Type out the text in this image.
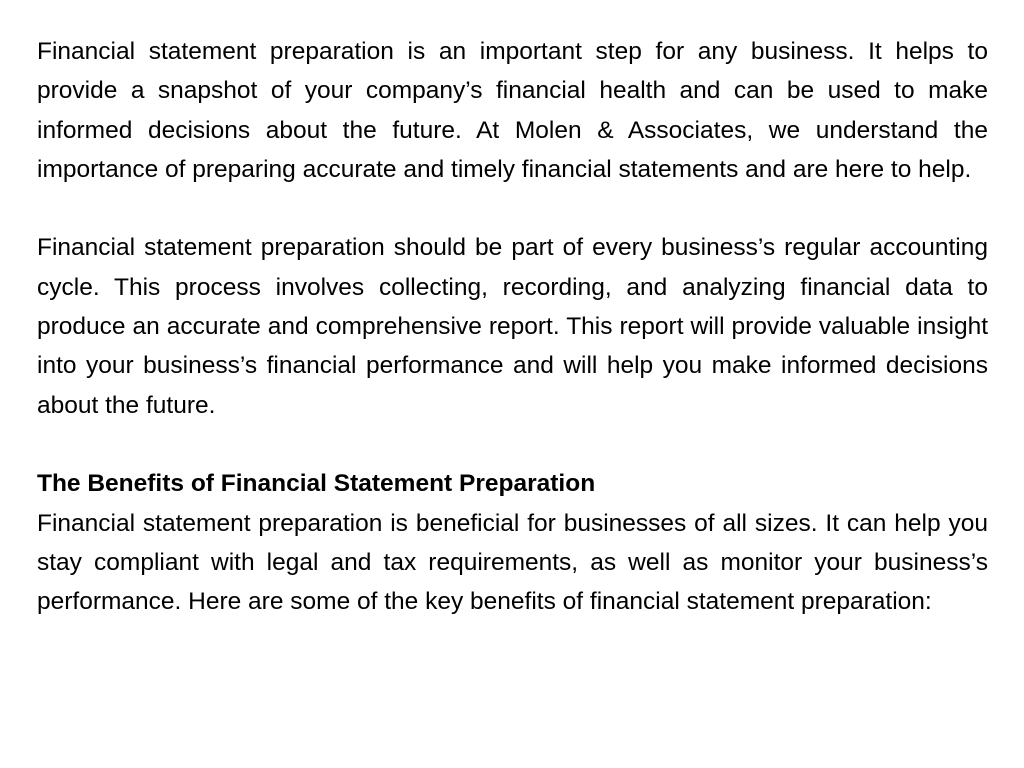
Financial statement preparation is an important step for any business. It helps to provide a snapshot of your company’s financial health and can be used to make informed decisions about the future. At Molen & Associates, we understand the importance of preparing accurate and timely financial statements and are here to help.

Financial statement preparation should be part of every business’s regular accounting cycle. This process involves collecting, recording, and analyzing financial data to produce an accurate and comprehensive report. This report will provide valuable insight into your business’s financial performance and will help you make informed decisions about the future.

The Benefits of Financial Statement Preparation

Financial statement preparation is beneficial for businesses of all sizes. It can help you stay compliant with legal and tax requirements, as well as monitor your business’s performance. Here are some of the key benefits of financial statement preparation:
